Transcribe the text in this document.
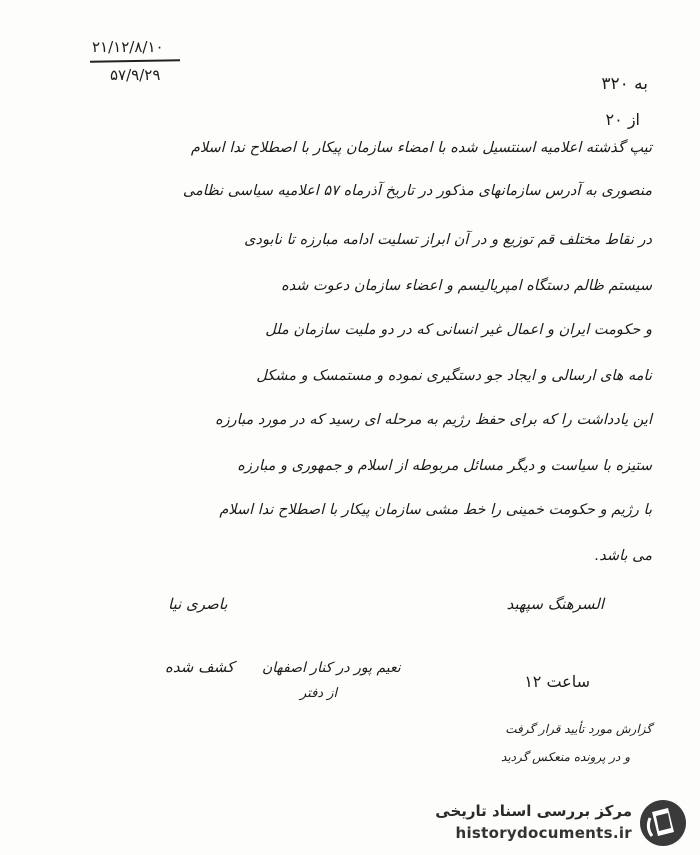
۲۱/۱۲/۸/۱۰
۵۷/۹/۲۹	به ۳۲۰
از ۲۰
تیپ گذشته اعلامیه اسنتسیل شده با امضاء سازمان پیکار با اصطلاح ندا اسلام
منصوری به آدرس سازمانهای مذکور در تاریخ آذرماه ۵۷ اعلامیه سیاسی نظامی
در نقاط مختلف قم توزیع و در آن ابراز تسلیت ادامه مبارزه تا نابودی
سیستم ظالم دستگاه امپریالیسم و اعضاء سازمان دعوت شده
و حکومت ایران و اعمال غیر انسانی که در دو ملیت سازمان ملل
نامه های ارسالی و ایجاد جو دستگیری نموده و مستمسک و مشکل
این یادداشت را که برای حفظ رژیم به مرحله ای رسید که در مورد مبارزه
ستیزه با سیاست و دیگر مسائل مربوطه از اسلام و جمهوری و مبارزه
با رژیم و حکومت خمینی را خط مشی سازمان پیکار با اصطلاح ندا اسلام
می باشد.
السرهنگ سپهبد
باصری نیا
کشف شده نعیم پور در کنار اصفهان
از دفتر
ساعت ۱۲
گزارش مورد تأیید قرار گرفت
و در پرونده منعکس گردید
مرکز بررسی اسناد تاریخی
historydocuments.ir
